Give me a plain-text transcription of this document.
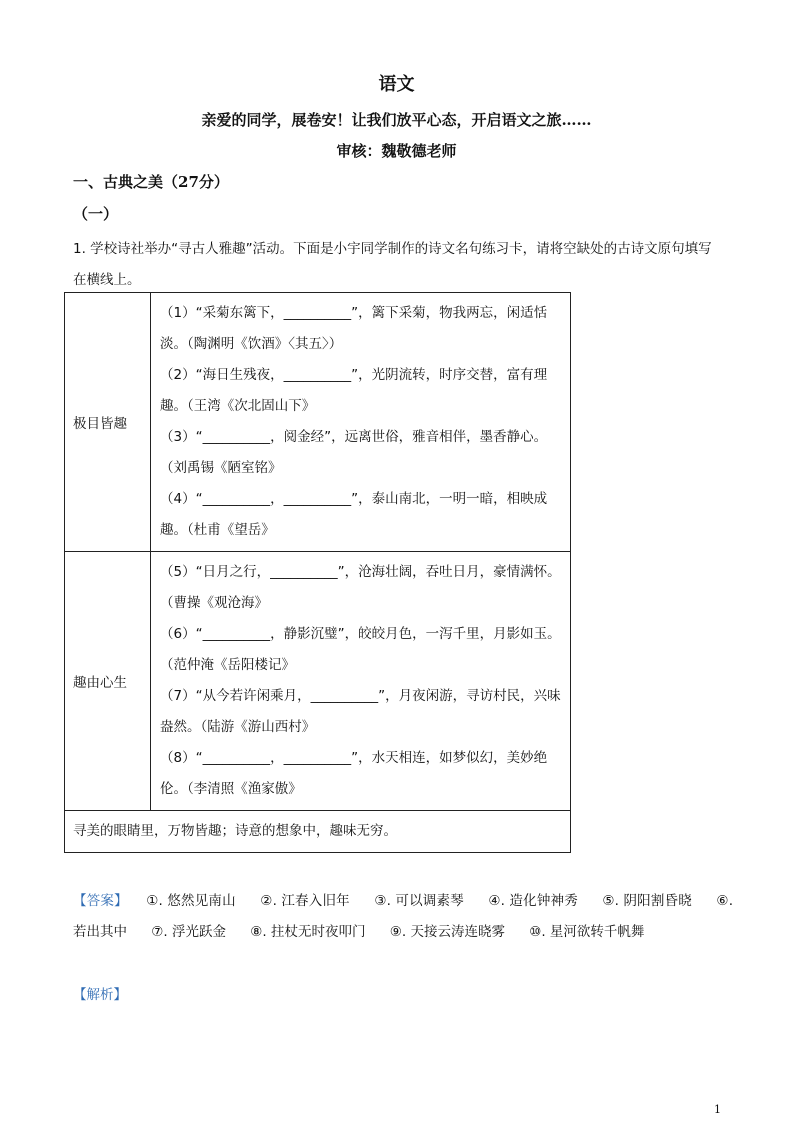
语文
亲爱的同学，展卷安！让我们放平心态，开启语文之旅……
审核：魏敬德老师
一、古典之美（27分）
（一）
1. 学校诗社举办“寻古人雅趣”活动。下面是小宇同学制作的诗文名句练习卡，请将空缺处的古诗文原句填写在横线上。
极目皆趣	（1）“采菊东篱下，__________”，篱下采菊，物我两忘，闲适恬淡。（陶渊明《饮酒》〈其五〉）
（2）“海日生残夜，__________”，光阴流转，时序交替，富有理趣。（王湾《次北固山下》
（3）“__________，阅金经”，远离世俗，雅音相伴，墨香静心。（刘禹锡《陋室铭》
（4）“__________，__________”，泰山南北，一明一暗，相映成趣。（杜甫《望岳》

趣由心生	（5）“日月之行，__________”，沧海壮阔，吞吐日月，豪情满怀。（曹操《观沧海》
（6）“__________，静影沉璧”，皎皎月色，一泻千里，月影如玉。（范仲淹《岳阳楼记》
（7）“从今若许闲乘月，__________”，月夜闲游，寻访村民，兴味盎然。（陆游《游山西村》
（8）“__________，__________”，水天相连，如梦似幻，美妙绝伦。（李清照《渔家傲》

寻美的眼睛里，万物皆趣；诗意的想象中，趣味无穷。	
【答案】 ①. 悠然见南山 ②. 江春入旧年 ③. 可以调素琴 ④. 造化钟神秀 ⑤. 阴阳割昏晓 ⑥. 若出其中 ⑦. 浮光跃金 ⑧. 拄杖无时夜叩门 ⑨. 天接云涛连晓雾 ⑩. 星河欲转千帆舞
【解析】
1
